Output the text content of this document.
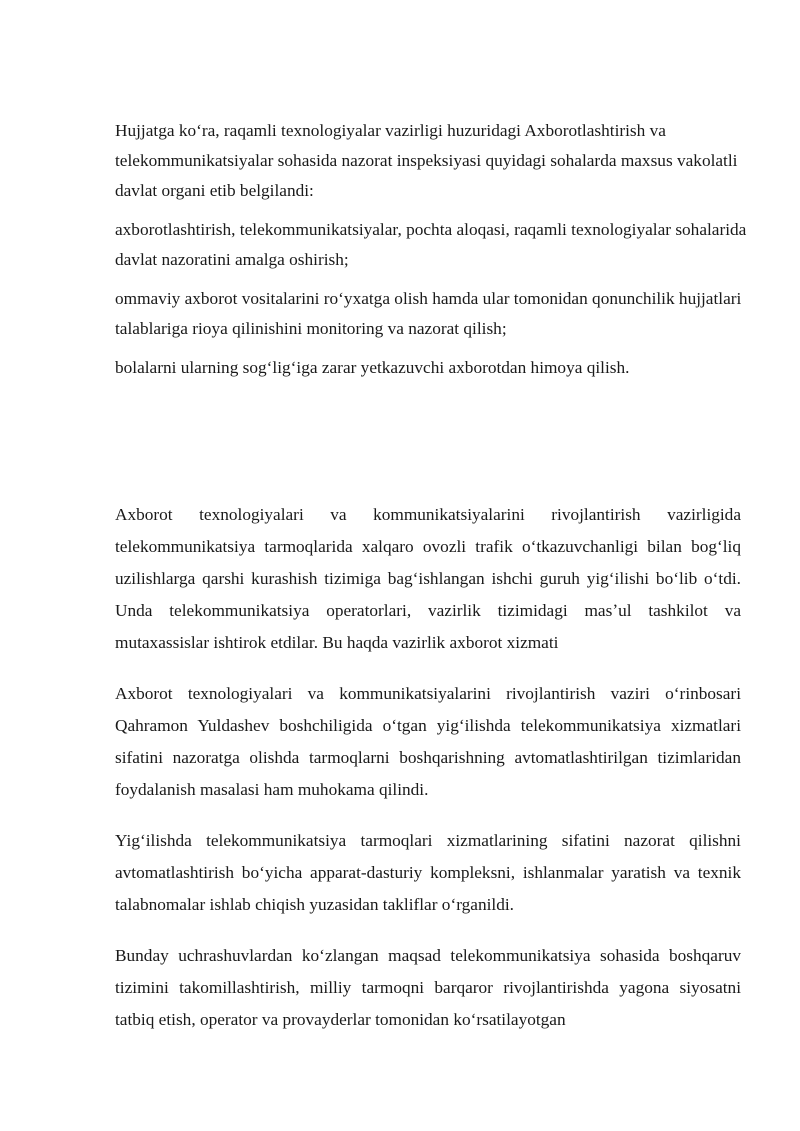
Hujjatga koʻra, raqamli texnologiyalar vazirligi huzuridagi Axborotlashtirish va telekommunikatsiyalar sohasida nazorat inspeksiyasi quyidagi sohalarda maxsus vakolatli davlat organi etib belgilandi:

axborotlashtirish, telekommunikatsiyalar, pochta aloqasi, raqamli texnologiyalar sohalarida davlat nazoratini amalga oshirish;

ommaviy axborot vositalarini roʻyxatga olish hamda ular tomonidan qonunchilik hujjatlari talablariga rioya qilinishini monitoring va nazorat qilish;

bolalarni ularning sogʻligʻiga zarar yetkazuvchi axborotdan himoya qilish.

Axborot texnologiyalari va kommunikatsiyalarini rivojlantirish vazirligida telekommunikatsiya tarmoqlarida xalqaro ovozli trafik oʻtkazuvchanligi bilan bogʻliq uzilishlarga qarshi kurashish tizimiga bagʻishlangan ishchi guruh yigʻilishi boʻlib oʻtdi. Unda telekommunikatsiya operatorlari, vazirlik tizimidagi masʼul tashkilot va mutaxassislar ishtirok etdilar. Bu haqda vazirlik axborot xizmati

Axborot texnologiyalari va kommunikatsiyalarini rivojlantirish vaziri oʻrinbosari Qahramon Yuldashev boshchiligida oʻtgan yigʻilishda telekommunikatsiya xizmatlari sifatini nazoratga olishda tarmoqlarni boshqarishning avtomatlashtirilgan tizimlaridan foydalanish masalasi ham muhokama qilindi.

Yigʻilishda telekommunikatsiya tarmoqlari xizmatlarining sifatini nazorat qilishni avtomatlashtirish boʻyicha apparat-dasturiy kompleksni, ishlanmalar yaratish va texnik talabnomalar ishlab chiqish yuzasidan takliflar oʻrganildi.

Bunday uchrashuvlardan koʻzlangan maqsad telekommunikatsiya sohasida boshqaruv tizimini takomillashtirish, milliy tarmoqni barqaror rivojlantirishda yagona siyosatni tatbiq etish, operator va provayderlar tomonidan koʻrsatilayotgan
